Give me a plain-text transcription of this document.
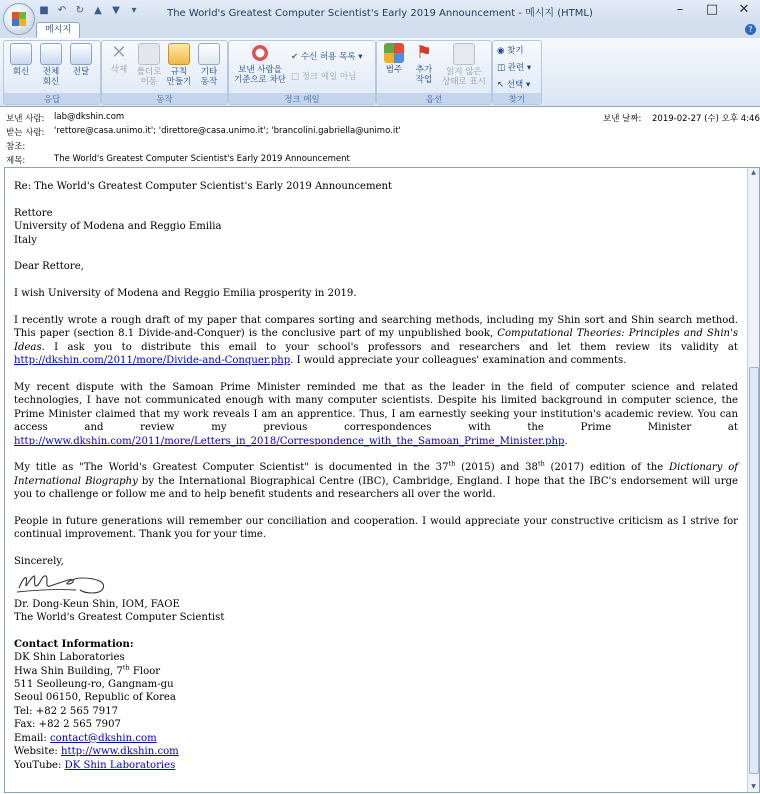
■ ↶ ↻ ▲ ▼	▾	The World's Greatest Computer Scientist's Early 2019 Announcement - 메시지 (HTML)	–	□	✕
메시지	?
회신	전체
회신
전달
응답
✕
삭제	폴더로
이동
규칙
만들기
기타
동작
동작
보낸 사람을
기준으로 차단
✔ 수신 허용 목록 ▾
□ 정크 메일 아님
정크 메일
범주
⚑
추가
작업
읽지 않은
상태로 표시
옵션
◉ 찾기
◫ 관련 ▾
↖ 선택 ▾
찾기
보낸 사람: lab@dkshin.com	보낸 날짜: 2019-02-27 (수) 오후 4:46
받는 사람: 'rettore@casa.unimo.it'; 'direttore@casa.unimo.it'; 'brancolini.gabriella@unimo.it'
참조:
제목:	The World's Greatest Computer Scientist's Early 2019 Announcement

Re: The World's Greatest Computer Scientist's Early 2019 Announcement

Rettore
University of Modena and Reggio Emilia
Italy

Dear Rettore,

I wish University of Modena and Reggio Emilia prosperity in 2019.

I recently wrote a rough draft of my paper that compares sorting and searching methods, including my Shin sort and Shin search method. This paper (section 8.1 Divide-and-Conquer) is the conclusive part of my unpublished book, Computational Theories: Principles and Shin's Ideas. I ask you to distribute this email to your school's professors and researchers and let them review its validity at http://dkshin.com/2011/more/Divide-and-Conquer.php. I would appreciate your colleagues' examination and comments.

My recent dispute with the Samoan Prime Minister reminded me that as the leader in the field of computer science and related technologies, I have not communicated enough with many computer scientists. Despite his limited background in computer science, the Prime Minister claimed that my work reveals I am an apprentice. Thus, I am earnestly seeking your institution's academic review. You can access and review my previous correspondences with the Prime Minister at http://www.dkshin.com/2011/more/Letters_in_2018/Correspondence_with_the_Samoan_Prime_Minister.php.

My title as "The World's Greatest Computer Scientist" is documented in the 37th (2015) and 38th (2017) edition of the Dictionary of International Biography by the International Biographical Centre (IBC), Cambridge, England. I hope that the IBC's endorsement will urge you to challenge or follow me and to help benefit students and researchers all over the world.

People in future generations will remember our conciliation and cooperation. I would appreciate your constructive criticism as I strive for continual improvement. Thank you for your time.

Sincerely,
Dr. Dong-Keun Shin, IOM, FAOE

The World's Greatest Computer Scientist

Contact Information:
DK Shin Laboratories
Hwa Shin Building, 7th Floor
511 Seolleung-ro, Gangnam-gu
Seoul 06150, Republic of Korea
Tel: +82 2 565 7917
Fax: +82 2 565 7907
Email: contact@dkshin.com
Website: http://www.dkshin.com
YouTube: DK Shin Laboratories
▲
▼
